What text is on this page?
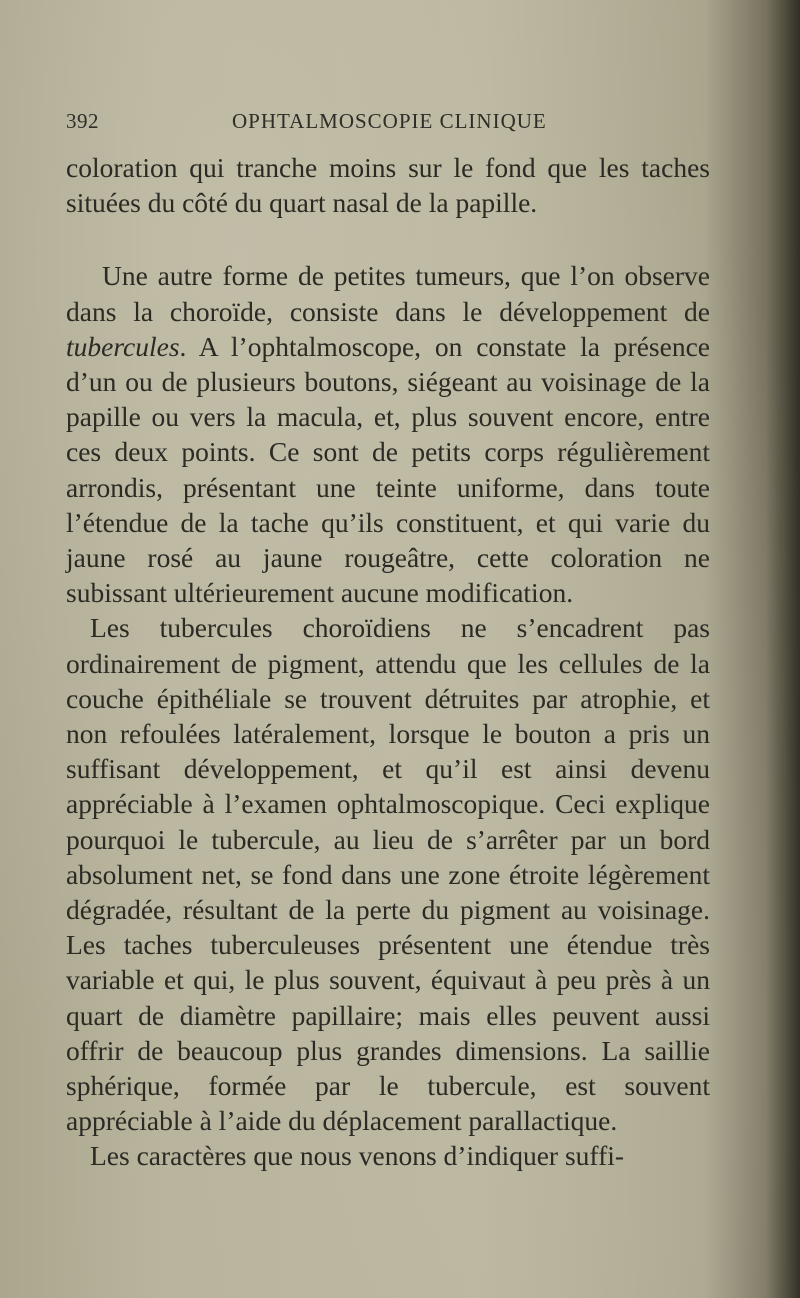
392	OPHTALMOSCOPIE CLINIQUE

coloration qui tranche moins sur le fond que les taches situées du côté du quart nasal de la papille.

Une autre forme de petites tumeurs, que l’on observe dans la choroïde, consiste dans le développement de tubercules. A l’ophtalmoscope, on constate la présence d’un ou de plusieurs boutons, siégeant au voisinage de la papille ou vers la macula, et, plus souvent encore, entre ces deux points. Ce sont de petits corps régulièrement arrondis, présentant une teinte uniforme, dans toute l’étendue de la tache qu’ils constituent, et qui varie du jaune rosé au jaune rougeâtre, cette coloration ne subissant ultérieurement aucune modification.

Les tubercules choroïdiens ne s’encadrent pas ordinairement de pigment, attendu que les cellules de la couche épithéliale se trouvent détruites par atrophie, et non refoulées latéralement, lorsque le bouton a pris un suffisant développement, et qu’il est ainsi devenu appréciable à l’examen ophtalmoscopique. Ceci explique pourquoi le tubercule, au lieu de s’arrêter par un bord absolument net, se fond dans une zone étroite légèrement dégradée, résultant de la perte du pigment au voisinage. Les taches tuberculeuses présentent une étendue très variable et qui, le plus souvent, équivaut à peu près à un quart de diamètre papillaire; mais elles peuvent aussi offrir de beaucoup plus grandes dimensions. La saillie sphérique, formée par le tubercule, est souvent appréciable à l’aide du déplacement parallactique.

Les caractères que nous venons d’indiquer suffi-
